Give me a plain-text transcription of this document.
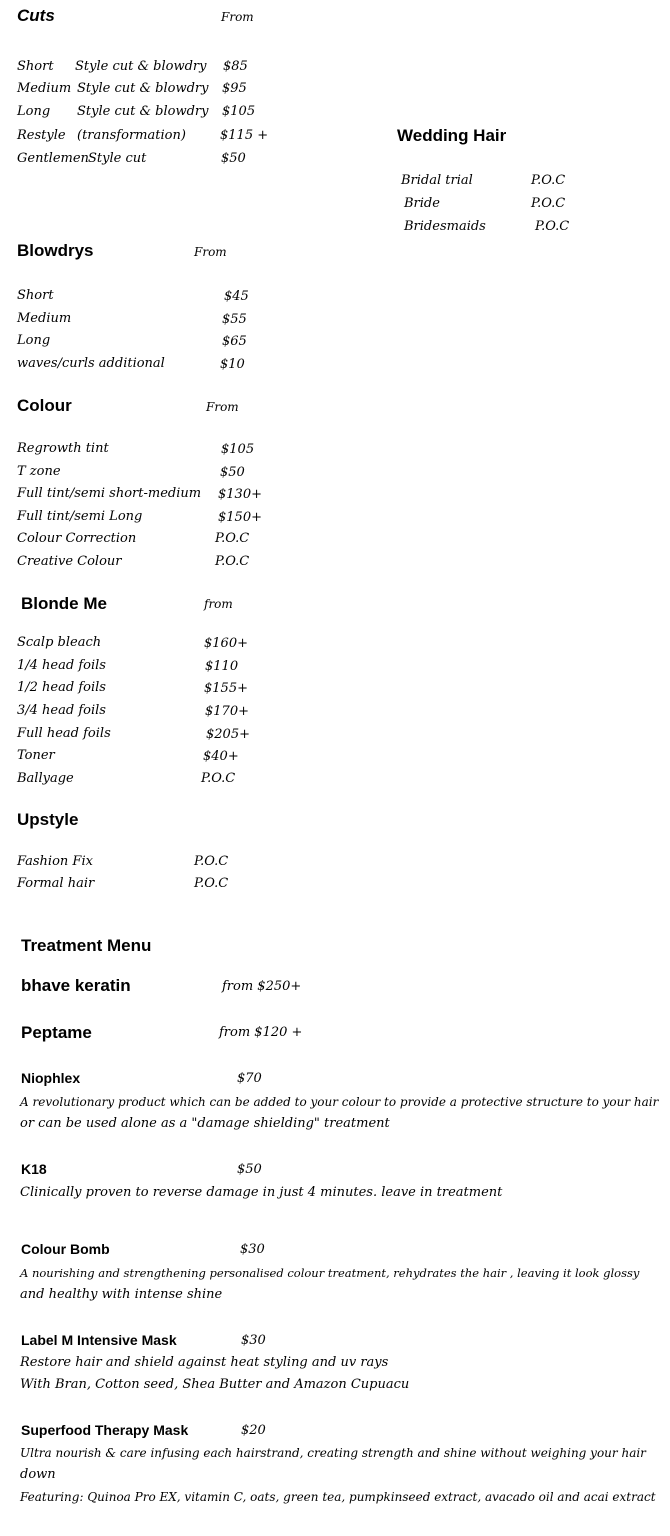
Cuts	From
Short Style cut & blowdry $85
Medium Style cut & blowdry $95
Long Style cut & blowdry $105
Restyle (transformation)	$115 +
Gentlemen Style cut	$50
Wedding Hair
Bridal trial	P.O.C
Bride	P.O.C
Bridesmaids	P.O.C
Blowdrys	From
Short	$45
Medium	$55
Long	$65
waves/curls additional	$10
Colour	From
Regrowth tint	$105
T zone	$50
Full tint/semi short-medium $130+
Full tint/semi Long	$150+
Colour Correction	P.O.C
Creative Colour	P.O.C
Blonde Me	from
Scalp bleach	$160+
1/4 head foils	$110
1/2 head foils	$155+
3/4 head foils	$170+
Full head foils	$205+
Toner	$40+
Ballyage	P.O.C
Upstyle
Fashion Fix	P.O.C
Formal hair	P.O.C
Treatment Menu
bhave keratin	from $250+
Peptame	from $120 +
Niophlex	$70
A revolutionary product which can be added to your colour to provide a protective structure to your hair
or can be used alone as a "damage shielding" treatment
K18	$50
Clinically proven to reverse damage in just 4 minutes. leave in treatment
Colour Bomb	$30
A nourishing and strengthening personalised colour treatment, rehydrates the hair , leaving it look glossy
and healthy with intense shine
Label M Intensive Mask	$30
Restore hair and shield against heat styling and uv rays
With Bran, Cotton seed, Shea Butter and Amazon Cupuacu
Superfood Therapy Mask	$20
Ultra nourish & care infusing each hairstrand, creating strength and shine without weighing your hair
down
Featuring: Quinoa Pro EX, vitamin C, oats, green tea, pumpkinseed extract, avacado oil and acai extract
